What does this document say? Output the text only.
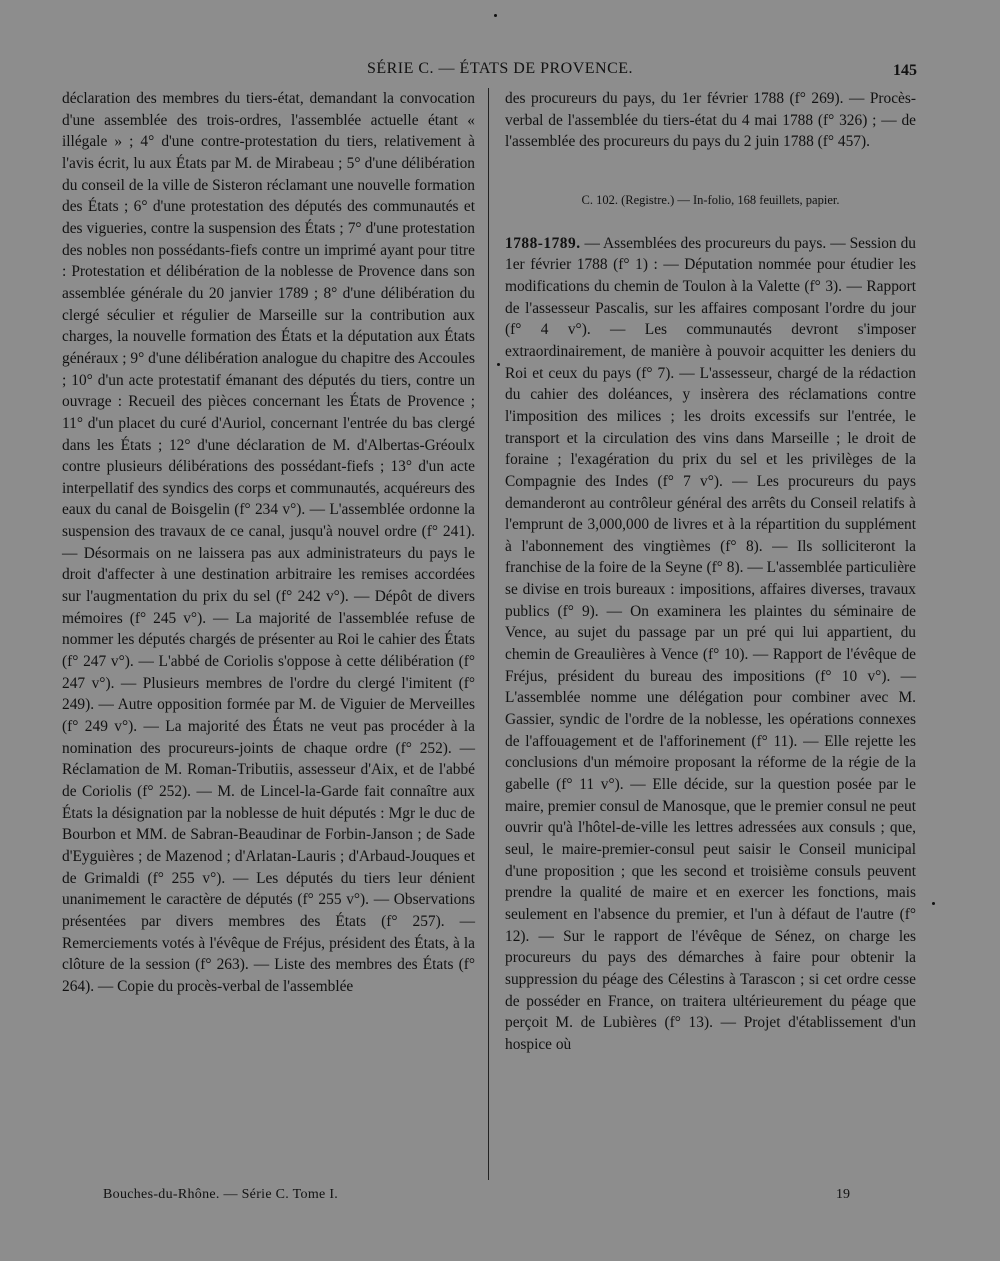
SÉRIE C. — ÉTATS DE PROVENCE.	145

déclaration des membres du tiers-état, demandant la convocation d'une assemblée des trois-ordres, l'assemblée actuelle étant « illégale » ; 4° d'une contre-protestation du tiers, relativement à l'avis écrit, lu aux États par M. de Mirabeau ; 5° d'une délibération du conseil de la ville de Sisteron réclamant une nouvelle formation des États ; 6° d'une protestation des députés des communautés et des vigueries, contre la suspension des États ; 7° d'une protestation des nobles non possédants-fiefs contre un imprimé ayant pour titre : Protestation et délibération de la noblesse de Provence dans son assemblée générale du 20 janvier 1789 ; 8° d'une délibération du clergé séculier et régulier de Marseille sur la contribution aux charges, la nouvelle formation des États et la députation aux États généraux ; 9° d'une délibération analogue du chapitre des Accoules ; 10° d'un acte protestatif émanant des députés du tiers, contre un ouvrage : Recueil des pièces concernant les États de Provence ; 11° d'un placet du curé d'Auriol, concernant l'entrée du bas clergé dans les États ; 12° d'une déclaration de M. d'Albertas-Gréoulx contre plusieurs délibérations des possédant-fiefs ; 13° d'un acte interpellatif des syndics des corps et communautés, acquéreurs des eaux du canal de Boisgelin (f° 234 v°). — L'assemblée ordonne la suspension des travaux de ce canal, jusqu'à nouvel ordre (f° 241). — Désormais on ne laissera pas aux administrateurs du pays le droit d'affecter à une destination arbitraire les remises accordées sur l'augmentation du prix du sel (f° 242 v°). — Dépôt de divers mémoires (f° 245 v°). — La majorité de l'assemblée refuse de nommer les députés chargés de présenter au Roi le cahier des États (f° 247 v°). — L'abbé de Coriolis s'oppose à cette délibération (f° 247 v°). — Plusieurs membres de l'ordre du clergé l'imitent (f° 249). — Autre opposition formée par M. de Viguier de Merveilles (f° 249 v°). — La majorité des États ne veut pas procéder à la nomination des procureurs-joints de chaque ordre (f° 252). — Réclamation de M. Roman-Tributiis, assesseur d'Aix, et de l'abbé de Coriolis (f° 252). — M. de Lincel-la-Garde fait connaître aux États la désignation par la noblesse de huit députés : Mgr le duc de Bourbon et MM. de Sabran-Beaudinar de Forbin-Janson ; de Sade d'Eyguières ; de Mazenod ; d'Arlatan-Lauris ; d'Arbaud-Jouques et de Grimaldi (f° 255 v°). — Les députés du tiers leur dénient unanimement le caractère de députés (f° 255 v°). — Observations présentées par divers membres des États (f° 257). — Remerciements votés à l'évêque de Fréjus, président des États, à la clôture de la session (f° 263). — Liste des membres des États (f° 264). — Copie du procès-verbal de l'assemblée

des procureurs du pays, du 1er février 1788 (f° 269). — Procès-verbal de l'assemblée du tiers-état du 4 mai 1788 (f° 326) ; — de l'assemblée des procureurs du pays du 2 juin 1788 (f° 457).

C. 102. (Registre.) — In-folio, 168 feuillets, papier.

1788-1789. — Assemblées des procureurs du pays. — Session du 1er février 1788 (f° 1) : — Députation nommée pour étudier les modifications du chemin de Toulon à la Valette (f° 3). — Rapport de l'assesseur Pascalis, sur les affaires composant l'ordre du jour (f° 4 v°). — Les communautés devront s'imposer extraordinairement, de manière à pouvoir acquitter les deniers du Roi et ceux du pays (f° 7). — L'assesseur, chargé de la rédaction du cahier des doléances, y insèrera des réclamations contre l'imposition des milices ; les droits excessifs sur l'entrée, le transport et la circulation des vins dans Marseille ; le droit de foraine ; l'exagération du prix du sel et les privilèges de la Compagnie des Indes (f° 7 v°). — Les procureurs du pays demanderont au contrôleur général des arrêts du Conseil relatifs à l'emprunt de 3,000,000 de livres et à la répartition du supplément à l'abonnement des vingtièmes (f° 8). — Ils solliciteront la franchise de la foire de la Seyne (f° 8). — L'assemblée particulière se divise en trois bureaux : impositions, affaires diverses, travaux publics (f° 9). — On examinera les plaintes du séminaire de Vence, au sujet du passage par un pré qui lui appartient, du chemin de Greaulières à Vence (f° 10). — Rapport de l'évêque de Fréjus, président du bureau des impositions (f° 10 v°). — L'assemblée nomme une délégation pour combiner avec M. Gassier, syndic de l'ordre de la noblesse, les opérations connexes de l'affouagement et de l'afforinement (f° 11). — Elle rejette les conclusions d'un mémoire proposant la réforme de la régie de la gabelle (f° 11 v°). — Elle décide, sur la question posée par le maire, premier consul de Manosque, que le premier consul ne peut ouvrir qu'à l'hôtel-de-ville les lettres adressées aux consuls ; que, seul, le maire-premier-consul peut saisir le Conseil municipal d'une proposition ; que les second et troisième consuls peuvent prendre la qualité de maire et en exercer les fonctions, mais seulement en l'absence du premier, et l'un à défaut de l'autre (f° 12). — Sur le rapport de l'évêque de Sénez, on charge les procureurs du pays des démarches à faire pour obtenir la suppression du péage des Célestins à Tarascon ; si cet ordre cesse de posséder en France, on traitera ultérieurement du péage que perçoit M. de Lubières (f° 13). — Projet d'établissement d'un hospice où

Bouches-du-Rhône. — Série C. Tome I.	19
